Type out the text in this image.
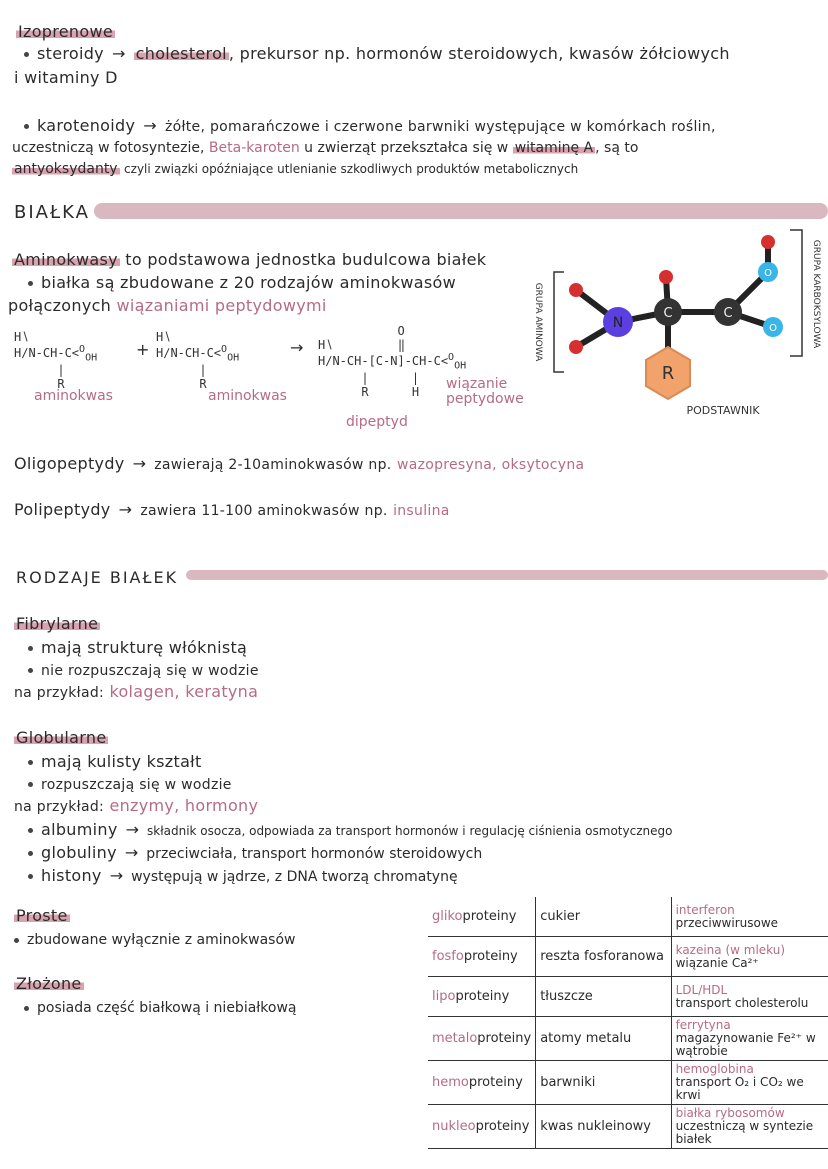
Izoprenowe
steroidy → cholesterol , prekursor np. hormonów steroidowych, kwasów żółciowych
i witaminy D
karotenoidy → żółte, pomarańczowe i czerwone barwniki występujące w komórkach roślin,
uczestniczą w fotosyntezie, Beta-karoten u zwierząt przekształca się w witaminę A , są to
antyoksydanty czyli związki opóźniające utlenianie szkodliwych produktów metabolicznych
BIAŁKA
Aminokwasy to podstawowa jednostka budulcowa białek
białka są zbudowane z 20 rodzajów aminokwasów
połączonych wiązaniami peptydowymi
H∖
H∕N-CH-C<$^O_{OH}$
|
R
+
H∖
H∕N-CH-C<$^O_{OH}$
|
R
→
O
H∖         ‖
H∕N-CH-[C-N]-CH-C<$^O_{OH}$
|      |
R      H
aminokwas	aminokwas
dipeptyd
wiązanie
peptydowe
R
N
C	C
O
O
GRUPA AMINOWA	GRUPA KARBOKSYLOWA
PODSTAWNIK
Oligopeptydy → zawierają 2-10aminokwasów np. wazopresyna, oksytocyna
Polipeptydy → zawiera 11-100 aminokwasów np. insulina
RODZAJE BIAŁEK
Fibrylarne
mają strukturę włóknistą
nie rozpuszczają się w wodzie
na przykład: kolagen, keratyna
Globularne
mają kulisty kształt
rozpuszczają się w wodzie
na przykład: enzymy, hormony
albuminy → składnik osocza, odpowiada za transport hormonów i regulację ciśnienia osmotycznego
globuliny → przeciwciała, transport hormonów steroidowych
histony → występują w jądrze, z DNA tworzą chromatynę
Proste
zbudowane wyłącznie z aminokwasów
Złożone
posiada część białkową i niebiałkową
glikoproteiny	cukier	interferon
przeciwwirusowe

fosfoproteiny	reszta fosforanowa	kazeina (w mleku)
wiązanie Ca²⁺

lipoproteiny	tłuszcze	LDL/HDL
transport cholesterolu

metaloproteiny	atomy metalu	ferrytyna
magazynowanie Fe²⁺ w wątrobie

hemoproteiny	barwniki	hemoglobina
transport O₂ i CO₂ we krwi

nukleoproteiny	kwas nukleinowy	białka rybosomów
uczestniczą w syntezie białek
